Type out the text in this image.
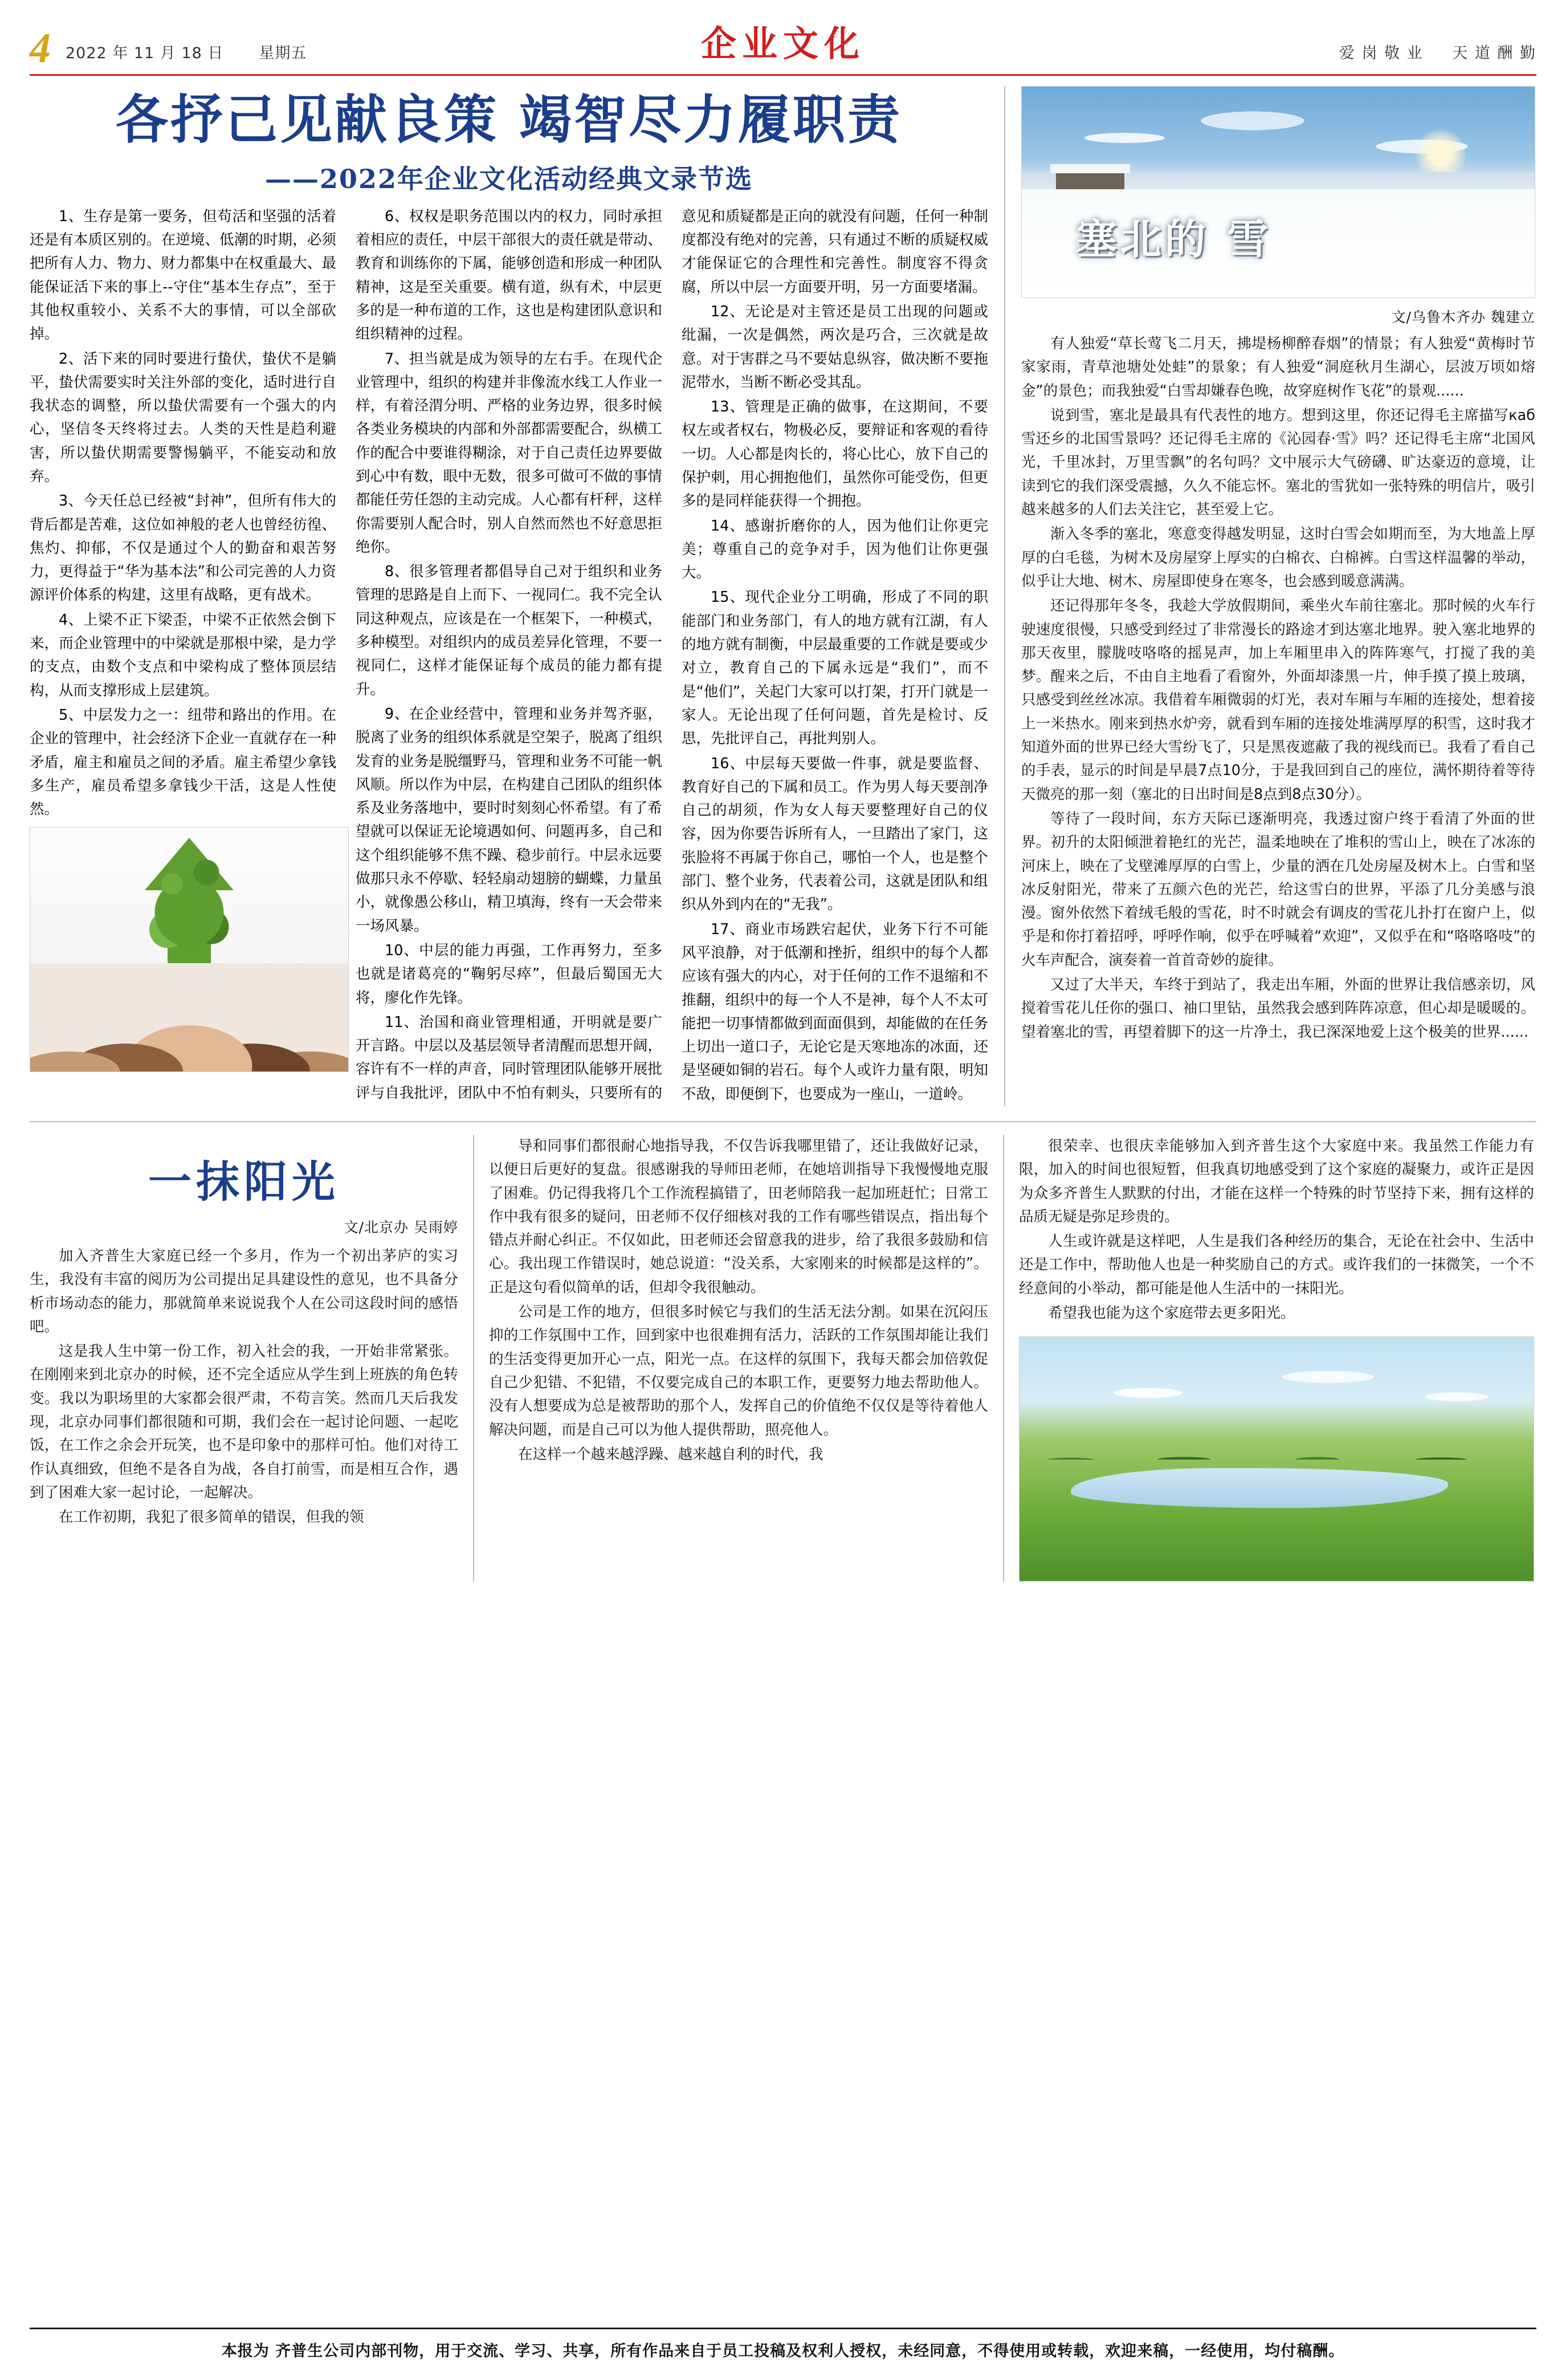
4 2022 年 11 月 18 日 星期五	企业文化	爱 岗 敬 业 天 道 酬 勤
各抒己见献良策 竭智尽力履职责
——2022年企业文化活动经典文录节选

1、生存是第一要务，但苟活和坚强的活着还是有本质区别的。在逆境、低潮的时期，必须把所有人力、物力、财力都集中在权重最大、最能保证活下来的事上--守住“基本生存点”，至于其他权重较小、关系不大的事情，可以全部砍掉。

2、活下来的同时要进行蛰伏，蛰伏不是躺平，蛰伏需要实时关注外部的变化，适时进行自我状态的调整，所以蛰伏需要有一个强大的内心，坚信冬天终将过去。人类的天性是趋利避害，所以蛰伏期需要警惕躺平，不能妄动和放弃。

3、今天任总已经被“封神”，但所有伟大的背后都是苦难，这位如神般的老人也曾经彷徨、焦灼、抑郁，不仅是通过个人的勤奋和艰苦努力，更得益于“华为基本法”和公司完善的人力资源评价体系的构建，这里有战略，更有战术。

4、上梁不正下梁歪，中梁不正依然会倒下来，而企业管理中的中梁就是那根中梁，是力学的支点，由数个支点和中梁构成了整体顶层结构，从而支撑形成上层建筑。

5、中层发力之一：纽带和路出的作用。在企业的管理中，社会经济下企业一直就存在一种矛盾，雇主和雇员之间的矛盾。雇主希望少拿钱多生产，雇员希望多拿钱少干活，这是人性使然。

6、权权是职务范围以内的权力，同时承担着相应的责任，中层干部很大的责任就是带动、教育和训练你的下属，能够创造和形成一种团队精神，这是至关重要。横有道，纵有术，中层更多的是一种布道的工作，这也是构建团队意识和组织精神的过程。

7、担当就是成为领导的左右手。在现代企业管理中，组织的构建并非像流水线工人作业一样，有着泾渭分明、严格的业务边界，很多时候各类业务模块的内部和外部都需要配合，纵横工作的配合中要谁得糊涂，对于自己责任边界要做到心中有数，眼中无数，很多可做可不做的事情都能任劳任怨的主动完成。人心都有杆秤，这样你需要别人配合时，别人自然而然也不好意思拒绝你。

8、很多管理者都倡导自己对于组织和业务管理的思路是自上而下、一视同仁。我不完全认同这种观点，应该是在一个框架下，一种模式，多种模型。对组织内的成员差异化管理，不要一视同仁，这样才能保证每个成员的能力都有提升。

9、在企业经营中，管理和业务并驾齐驱，脱离了业务的组织体系就是空架子，脱离了组织发育的业务是脱缰野马，管理和业务不可能一帆风顺。所以作为中层，在构建自己团队的组织体系及业务落地中，要时时刻刻心怀希望。有了希望就可以保证无论境遇如何、问题再多，自己和这个组织能够不焦不躁、稳步前行。中层永远要做那只永不停歇、轻轻扇动翅膀的蝴蝶，力量虽小，就像愚公移山，精卫填海，终有一天会带来一场风暴。

10、中层的能力再强，工作再努力，至多也就是诸葛亮的“鞠躬尽瘁”，但最后蜀国无大将，廖化作先锋。

11、治国和商业管理相通，开明就是要广开言路。中层以及基层领导者清醒而思想开阔，容许有不一样的声音，同时管理团队能够开展批评与自我批评，团队中不怕有刺头，只要所有的意见和质疑都是正向的就没有问题，任何一种制度都没有绝对的完善，只有通过不断的质疑权威才能保证它的合理性和完善性。制度容不得贪腐，所以中层一方面要开明，另一方面要堵漏。

12、无论是对主管还是员工出现的问题或纰漏，一次是偶然，两次是巧合，三次就是故意。对于害群之马不要姑息纵容，做决断不要拖泥带水，当断不断必受其乱。

13、管理是正确的做事，在这期间，不要权左或者权右，物极必反，要辩证和客观的看待一切。人心都是肉长的，将心比心，放下自己的保护刺，用心拥抱他们，虽然你可能受伤，但更多的是同样能获得一个拥抱。

14、感谢折磨你的人，因为他们让你更完美；尊重自己的竞争对手，因为他们让你更强大。

15、现代企业分工明确，形成了不同的职能部门和业务部门，有人的地方就有江湖，有人的地方就有制衡，中层最重要的工作就是要或少对立，教育自己的下属永远是“我们”，而不是“他们”，关起门大家可以打架，打开门就是一家人。无论出现了任何问题，首先是检讨、反思，先批评自己，再批判别人。

16、中层每天要做一件事，就是要监督、教育好自己的下属和员工。作为男人每天要剖净自己的胡须，作为女人每天要整理好自己的仪容，因为你要告诉所有人，一旦踏出了家门，这张脸将不再属于你自己，哪怕一个人，也是整个部门、整个业务，代表着公司，这就是团队和组织从外到内在的“无我”。

17、商业市场跌宕起伏，业务下行不可能风平浪静，对于低潮和挫折，组织中的每个人都应该有强大的内心，对于任何的工作不退缩和不推翻，组织中的每一个人不是神，每个人不太可能把一切事情都做到面面俱到，却能做的在任务上切出一道口子，无论它是天寒地冻的冰面，还是坚硬如铜的岩石。每个人或许力量有限，明知不敌，即便倒下，也要成为一座山，一道岭。

塞北的 雪
文/乌鲁木齐办 魏建立

有人独爱“草长莺飞二月天，拂堤杨柳醉春烟”的情景；有人独爱“黄梅时节家家雨，青草池塘处处蛙”的景象；有人独爱“洞庭秋月生湖心，层波万顷如熔金”的景色；而我独爱“白雪却嫌春色晚，故穿庭树作飞花”的景观......

说到雪，塞北是最具有代表性的地方。想到这里，你还记得毛主席描写каб雪还乡的北国雪景吗？还记得毛主席的《沁园春·雪》吗？还记得毛主席“北国风光，千里冰封，万里雪飘”的名句吗？文中展示大气磅礴、旷达豪迈的意境，让读到它的我们深受震撼，久久不能忘怀。塞北的雪犹如一张特殊的明信片，吸引越来越多的人们去关注它，甚至爱上它。

渐入冬季的塞北，寒意变得越发明显，这时白雪会如期而至，为大地盖上厚厚的白毛毯，为树木及房屋穿上厚实的白棉衣、白棉裤。白雪这样温馨的举动，似乎让大地、树木、房屋即使身在寒冬，也会感到暖意满满。

还记得那年冬冬，我趁大学放假期间，乘坐火车前往塞北。那时候的火车行驶速度很慢，只感受到经过了非常漫长的路途才到达塞北地界。驶入塞北地界的那天夜里，朦胧吱咯咯的摇晃声，加上车厢里串入的阵阵寒气，打搅了我的美梦。醒来之后，不由自主地看了看窗外，外面却漆黑一片，伸手摸了摸上玻璃，只感受到丝丝冰凉。我借着车厢微弱的灯光，表对车厢与车厢的连接处，想着接上一米热水。刚来到热水炉旁，就看到车厢的连接处堆满厚厚的积雪，这时我才知道外面的世界已经大雪纷飞了，只是黑夜遮蔽了我的视线而已。我看了看自己的手表，显示的时间是早晨7点10分，于是我回到自己的座位，满怀期待着等待天微亮的那一刻（塞北的日出时间是8点到8点30分）。

等待了一段时间，东方天际已逐渐明亮，我透过窗户终于看清了外面的世界。初升的太阳倾泄着艳红的光芒，温柔地映在了堆积的雪山上，映在了冰冻的河床上，映在了戈壁滩厚厚的白雪上，少量的洒在几处房屋及树木上。白雪和坚冰反射阳光，带来了五颜六色的光芒，给这雪白的世界，平添了几分美感与浪漫。窗外依然下着绒毛般的雪花，时不时就会有调皮的雪花儿扑打在窗户上，似乎是和你打着招呼，呼呼作响，似乎在呼喊着“欢迎”，又似乎在和“咯咯咯吱”的火车声配合，演奏着一首首奇妙的旋律。

又过了大半天，车终于到站了，我走出车厢，外面的世界让我信感亲切，风搅着雪花儿任你的强口、袖口里钻，虽然我会感到阵阵凉意，但心却是暖暖的。望着塞北的雪，再望着脚下的这一片净土，我已深深地爱上这个极美的世界......

一抹阳光
文/北京办 吴雨婷

加入齐普生大家庭已经一个多月，作为一个初出茅庐的实习生，我没有丰富的阅历为公司提出足具建设性的意见，也不具备分析市场动态的能力，那就简单来说说我个人在公司这段时间的感悟吧。

这是我人生中第一份工作，初入社会的我，一开始非常紧张。在刚刚来到北京办的时候，还不完全适应从学生到上班族的角色转变。我以为职场里的大家都会很严肃，不苟言笑。然而几天后我发现，北京办同事们都很随和可期，我们会在一起讨论问题、一起吃饭，在工作之余会开玩笑，也不是印象中的那样可怕。他们对待工作认真细致，但绝不是各自为战，各自打前雪，而是相互合作，遇到了困难大家一起讨论，一起解决。

在工作初期，我犯了很多简单的错误，但我的领

导和同事们都很耐心地指导我，不仅告诉我哪里错了，还让我做好记录，以便日后更好的复盘。很感谢我的导师田老师，在她培训指导下我慢慢地克服了困难。仍记得我将几个工作流程搞错了，田老师陪我一起加班赶忙；日常工作中我有很多的疑问，田老师不仅仔细核对我的工作有哪些错误点，指出每个错点并耐心纠正。不仅如此，田老师还会留意我的进步，给了我很多鼓励和信心。我出现工作错误时，她总说道：“没关系，大家刚来的时候都是这样的”。正是这句看似简单的话，但却令我很触动。

公司是工作的地方，但很多时候它与我们的生活无法分割。如果在沉闷压抑的工作氛围中工作，回到家中也很难拥有活力，活跃的工作氛围却能让我们的生活变得更加开心一点，阳光一点。在这样的氛围下，我每天都会加倍敦促自己少犯错、不犯错，不仅要完成自己的本职工作，更要努力地去帮助他人。没有人想要成为总是被帮助的那个人，发挥自己的价值绝不仅仅是等待着他人解决问题，而是自己可以为他人提供帮助，照亮他人。

在这样一个越来越浮躁、越来越自利的时代，我

很荣幸、也很庆幸能够加入到齐普生这个大家庭中来。我虽然工作能力有限，加入的时间也很短暂，但我真切地感受到了这个家庭的凝聚力，或许正是因为众多齐普生人默默的付出，才能在这样一个特殊的时节坚持下来，拥有这样的品质无疑是弥足珍贵的。

人生或许就是这样吧，人生是我们各种经历的集合，无论在社会中、生活中还是工作中，帮助他人也是一种奖励自己的方式。或许我们的一抹微笑，一个不经意间的小举动，都可能是他人生活中的一抹阳光。

希望我也能为这个家庭带去更多阳光。

本报为 齐普生公司内部刊物，用于交流、学习、共享，所有作品来自于员工投稿及权利人授权，未经同意，不得使用或转载，欢迎来稿，一经使用，均付稿酬。
